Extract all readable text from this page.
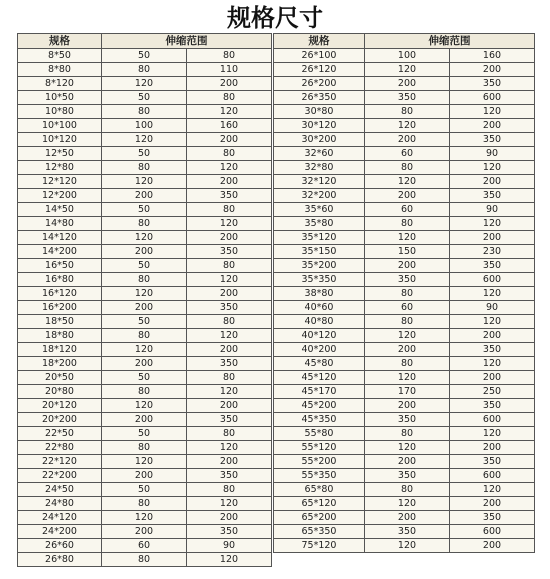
规格尺寸
规格	伸缩范围	
8*50	50	80
8*80	80	110
8*120	120	200
10*50	50	80
10*80	80	120
10*100	100	160
10*120	120	200
12*50	50	80
12*80	80	120
12*120	120	200
12*200	200	350
14*50	50	80
14*80	80	120
14*120	120	200
14*200	200	350
16*50	50	80
16*80	80	120
16*120	120	200
16*200	200	350
18*50	50	80
18*80	80	120
18*120	120	200
18*200	200	350
20*50	50	80
20*80	80	120
20*120	120	200
20*200	200	350
22*50	50	80
22*80	80	120
22*120	120	200
22*200	200	350
24*50	50	80
24*80	80	120
24*120	120	200
24*200	200	350
26*60	60	90
26*80	80	120
规格	伸缩范围	
26*100	100	160
26*120	120	200
26*200	200	350
26*350	350	600
30*80	80	120
30*120	120	200
30*200	200	350
32*60	60	90
32*80	80	120
32*120	120	200
32*200	200	350
35*60	60	90
35*80	80	120
35*120	120	200
35*150	150	230
35*200	200	350
35*350	350	600
38*80	80	120
40*60	60	90
40*80	80	120
40*120	120	200
40*200	200	350
45*80	80	120
45*120	120	200
45*170	170	250
45*200	200	350
45*350	350	600
55*80	80	120
55*120	120	200
55*200	200	350
55*350	350	600
65*80	80	120
65*120	120	200
65*200	200	350
65*350	350	600
75*120	120	200
